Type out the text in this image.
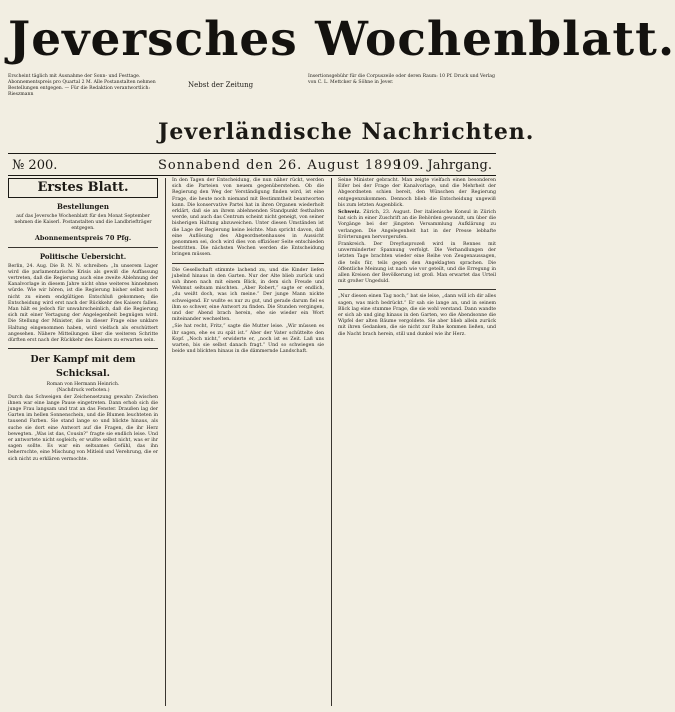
Jeversches Wochenblatt.
Erscheint täglich mit Ausnahme der Sonn- und Festtage. Abonnementspreis pro Quartal 2 M. Alle Postanstalten nehmen Bestellungen entgegen. — Für die Redaktion verantwortlich: Rieszmann
Nebst der Zeitung
Insertionsgebühr für die Corpuszeile oder deren Raum: 10 Pf. Druck und Verlag von C. L. Mettcker & Söhne in Jever.
Jeverländische Nachrichten.
№ 200.	Sonnabend den 26. August 1899
109. Jahrgang.
Erstes Blatt.
Bestellungen

auf das Jeversche Wochenblatt für den Monat September nehmen die Kaiserl. Postanstalten und die Landbriefträger entgegen.

Abonnementspreis 70 Pfg.
Politische Uebersicht.

Berlin, 24. Aug. Die B. N. N. schreiben: „In unserem Lager wird die parlamentarische Krisis als gewiß die Auffassung vertreten, daß die Regierung auch eine zweite Ablehnung der Kanalvorlage in diesem Jahre nicht ohne weiteres hinnehmen würde. Wie wir hören, ist die Regierung bisher selbst noch nicht zu einem endgültigen Entschluß gekommen; die Entscheidung wird erst nach der Rückkehr des Kaisers fallen. Man hält es jedoch für unwahrscheinlich, daß die Regierung sich mit einer Vertagung der Angelegenheit begnügen wird. Die Stellung der Minister, die in dieser Frage eine unklare Haltung eingenommen haben, wird vielfach als erschüttert angesehen. Nähere Mitteilungen über die weiteren Schritte dürften erst nach der Rückkehr des Kaisers zu erwarten sein.

Der Kampf mit dem Schicksal.
Roman von Hermann Heinrich.
(Nachdruck verboten.)

Durch das Schweigen der Zeichensetzung gewahr: Zwischen ihnen war eine lange Pause eingetreten. Dann erhob sich die junge Frau langsam und trat an das Fenster. Draußen lag der Garten im hellen Sonnenschein, und die Blumen leuchteten in tausend Farben. Sie stand lange so und blickte hinaus, als suche sie dort eine Antwort auf die Fragen, die ihr Herz bewegten. „Was ist das, Cousin?“ fragte sie endlich leise. Und er antwortete nicht sogleich; er wußte selbst nicht, was er ihr sagen sollte. Es war ein seltsames Gefühl, das ihn beherrschte, eine Mischung von Mitleid und Verehrung, die er sich nicht zu erklären vermochte.

In den Tagen der Entscheidung, die nun näher rückt, werden sich die Parteien von neuem gegenüberstehen. Ob die Regierung den Weg der Verständigung finden wird, ist eine Frage, die heute noch niemand mit Bestimmtheit beantworten kann. Die konservative Partei hat in ihren Organen wiederholt erklärt, daß sie an ihrem ablehnenden Standpunkt festhalten werde, und auch das Centrum scheint nicht geneigt, von seiner bisherigen Haltung abzuweichen. Unter diesen Umständen ist die Lage der Regierung keine leichte. Man spricht davon, daß eine Auflösung des Abgeordnetenhauses in Aussicht genommen sei, doch wird dies von offiziöser Seite entschieden bestritten. Die nächsten Wochen werden die Entscheidung bringen müssen.

Die Gesellschaft stimmte lachend zu, und die Kinder liefen jubelnd hinaus in den Garten. Nur der Alte blieb zurück und sah ihnen nach mit einem Blick, in dem sich Freude und Wehmut seltsam mischten. „Aber Robert,“ sagte er endlich, „du weißt doch, was ich meine.“ Der junge Mann nickte schweigend. Er wußte es nur zu gut, und gerade darum fiel es ihm so schwer, eine Antwort zu finden. Die Stunden vergingen, und der Abend brach herein, ehe sie wieder ein Wort miteinander wechselten.

„Sie hat recht, Fritz,“ sagte die Mutter leise. „Wir müssen es ihr sagen, ehe es zu spät ist.“ Aber der Vater schüttelte den Kopf. „Noch nicht,“ erwiderte er, „noch ist es Zeit. Laß uns warten, bis sie selbst danach fragt.“ Und so schwiegen sie beide und blickten hinaus in die dämmernde Landschaft.

Seine Minister gebracht. Man zeigte vielfach einen besonderen Eifer bei der Frage der Kanalvorlage, und die Mehrheit der Abgeordneten schien bereit, den Wünschen der Regierung entgegenzukommen. Dennoch blieb die Entscheidung ungewiß bis zum letzten Augenblick.

Schweiz. Zürich, 23. August. Der italienische Konsul in Zürich hat sich in einer Zuschrift an die Behörden gewandt, um über die Vorgänge bei der jüngsten Versammlung Aufklärung zu verlangen. Die Angelegenheit hat in der Presse lebhafte Erörterungen hervorgerufen.

Frankreich. Der Dreyfusprozeß wird in Rennes mit unverminderter Spannung verfolgt. Die Verhandlungen der letzten Tage brachten wieder eine Reihe von Zeugenaussagen, die teils für, teils gegen den Angeklagten sprachen. Die öffentliche Meinung ist nach wie vor geteilt, und die Erregung in allen Kreisen der Bevölkerung ist groß. Man erwartet das Urteil mit großer Ungeduld.

„Nur diesen einen Tag noch,“ bat sie leise, „dann will ich dir alles sagen, was mich bedrückt.“ Er sah sie lange an, und in seinem Blick lag eine stumme Frage, die sie wohl verstand. Dann wandte er sich ab und ging hinaus in den Garten, wo die Abendsonne die Wipfel der alten Bäume vergoldete. Sie aber blieb allein zurück mit ihren Gedanken, die sie nicht zur Ruhe kommen ließen, und die Nacht brach herein, still und dunkel wie ihr Herz.
